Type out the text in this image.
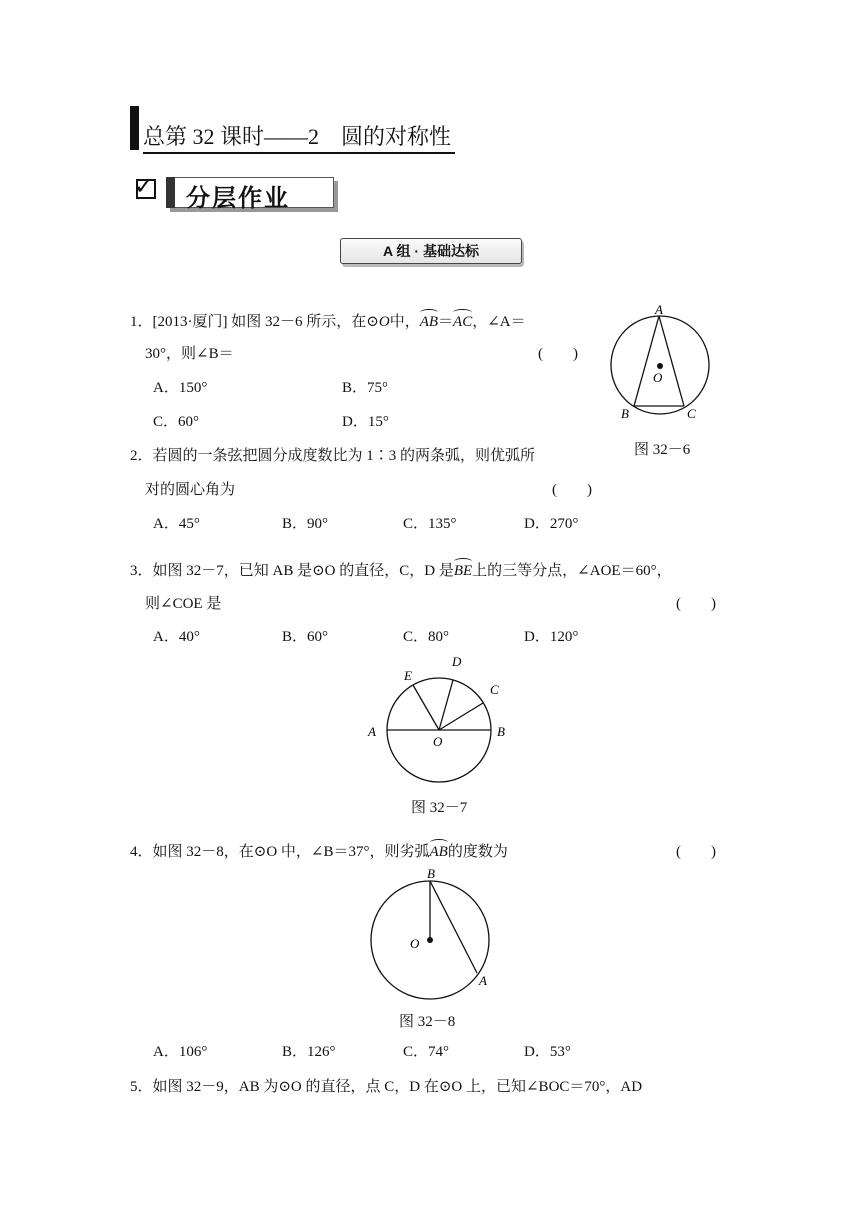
总第 32 课时——2　圆的对称性
✓ 分层作业
A 组 · 基础达标
1．[2013·厦门] 如图 32－6 所示，在⊙O中，AB＝AC，∠A＝
30°，则∠B＝	(　　)
A．150°	B．75°
C．60°	D．15°
A
O
B	C
图 32－6
2．若圆的一条弦把圆分成度数比为 1∶3 的两条弧，则优弧所
对的圆心角为	(　　)
A．45°	B．90°	C．135°	D．270°
3．如图 32－7，已知 AB 是⊙O 的直径，C，D 是BE上的三等分点，∠AOE＝60°，
则∠COE 是	(　　)
A．40°	B．60°	C．80°	D．120°
E
D
C
A
O
B
图 32－7
4．如图 32－8，在⊙O 中，∠B＝37°，则劣弧AB的度数为	(　　)
B
O
A
图 32－8
A．106°	B．126°	C．74°	D．53°
5．如图 32－9，AB 为⊙O 的直径，点 C，D 在⊙O 上，已知∠BOC＝70°，AD
